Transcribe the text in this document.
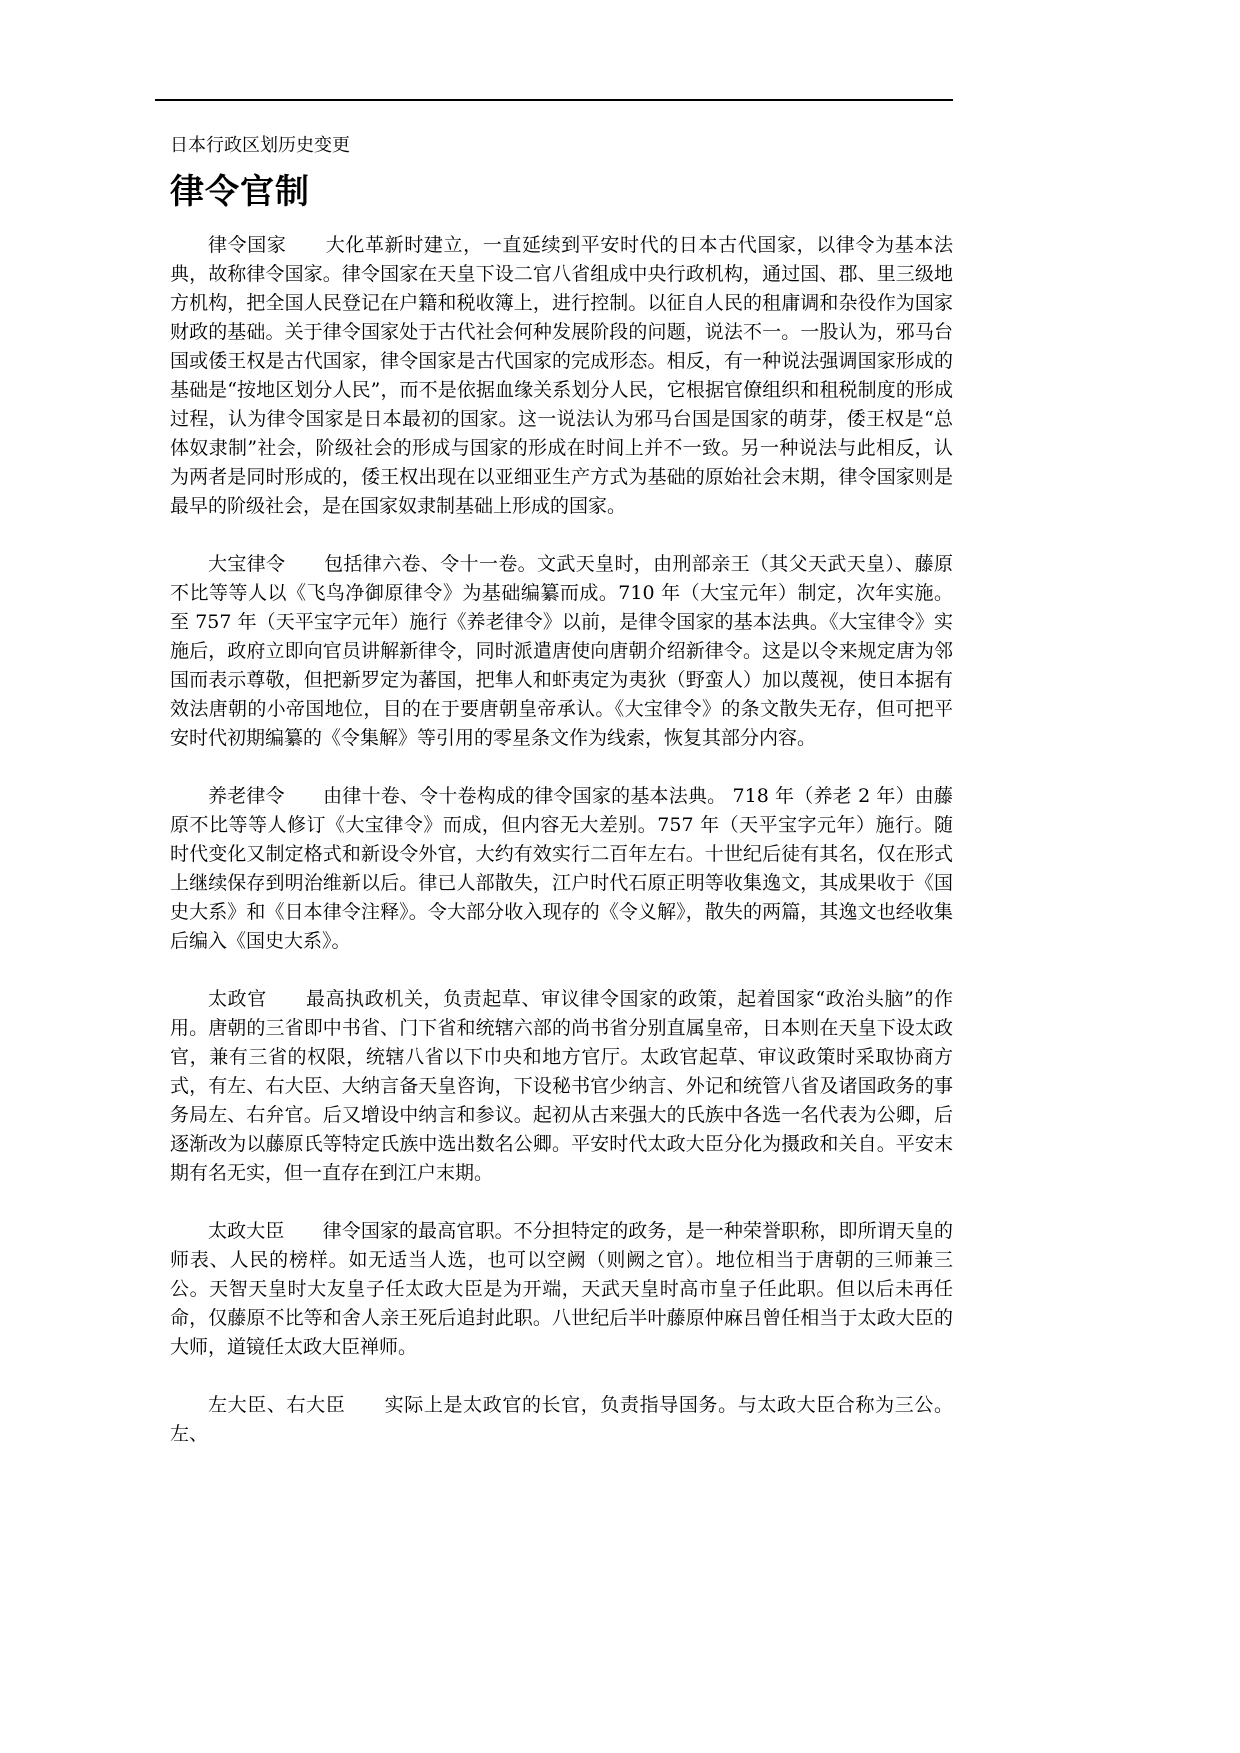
日本行政区划历史变更
律令官制

律令国家　　大化革新时建立，一直延续到平安时代的日本古代国家，以律令为基本法典，故称律令国家。律令国家在天皇下设二官八省组成中央行政机构，通过国、郡、里三级地方机构，把全国人民登记在户籍和税收簿上，进行控制。以征自人民的租庸调和杂役作为国家财政的基础。关于律令国家处于古代社会何种发展阶段的问题，说法不一。一股认为，邪马台国或倭王权是古代国家，律令国家是古代国家的完成形态。相反，有一种说法强调国家形成的基础是“按地区划分人民”，而不是依据血缘关系划分人民，它根据官僚组织和租税制度的形成过程，认为律令国家是日本最初的国家。这一说法认为邪马台国是国家的萌芽，倭王权是“总体奴隶制”社会，阶级社会的形成与国家的形成在时间上并不一致。另一种说法与此相反，认为两者是同时形成的，倭王权出现在以亚细亚生产方式为基础的原始社会末期，律令国家则是最早的阶级社会，是在国家奴隶制基础上形成的国家。

大宝律令　　包括律六卷、令十一卷。文武天皇时，由刑部亲王（其父天武天皇）、藤原不比等等人以《飞鸟净御原律令》为基础编纂而成。710 年（大宝元年）制定，次年实施。至 757 年（天平宝字元年）施行《养老律令》以前，是律令国家的基本法典。《大宝律令》实施后，政府立即向官员讲解新律令，同时派遣唐使向唐朝介绍新律令。这是以令来规定唐为邻国而表示尊敬，但把新罗定为蕃国，把隼人和虾夷定为夷狄（野蛮人）加以蔑视，使日本据有效法唐朝的小帝国地位，目的在于要唐朝皇帝承认。《大宝律令》的条文散失无存，但可把平安时代初期编纂的《令集解》等引用的零星条文作为线索，恢复其部分内容。

养老律令　　由律十卷、令十卷构成的律令国家的基本法典。 718 年（养老 2 年）由藤原不比等等人修订《大宝律令》而成，但内容无大差别。757 年（天平宝字元年）施行。随时代变化又制定格式和新设令外官，大约有效实行二百年左右。十世纪后徒有其名，仅在形式上继续保存到明治维新以后。律已人部散失，江户时代石原正明等收集逸文，其成果收于《国史大系》和《日本律令注释》。令大部分收入现存的《令义解》，散失的两篇，其逸文也经收集后编入《国史大系》。

太政官　　最高执政机关，负责起草、审议律令国家的政策，起着国家“政治头脑”的作用。唐朝的三省即中书省、门下省和统辖六部的尚书省分别直属皇帝，日本则在天皇下设太政官，兼有三省的权限，统辖八省以下巾央和地方官厅。太政官起草、审议政策时采取协商方式，有左、右大臣、大纳言备天皇咨询，下设秘书官少纳言、外记和统管八省及诸国政务的事务局左、右弁官。后又增设中纳言和参议。起初从古来强大的氏族中各选一名代表为公卿，后逐渐改为以藤原氏等特定氏族中选出数名公卿。平安时代太政大臣分化为摄政和关自。平安末期有名无实，但一直存在到江户末期。

太政大臣　　律令国家的最高官职。不分担特定的政务，是一种荣誉职称，即所谓天皇的师表、人民的榜样。如无适当人选，也可以空阙（则阙之官）。地位相当于唐朝的三师兼三公。天智天皇时大友皇子任太政大臣是为开端，天武天皇时高市皇子任此职。但以后未再任命，仅藤原不比等和舍人亲王死后追封此职。八世纪后半叶藤原仲麻吕曾任相当于太政大臣的大师，道镜任太政大臣禅师。

左大臣、右大臣　　实际上是太政官的长官，负责指导国务。与太政大臣合称为三公。左、
